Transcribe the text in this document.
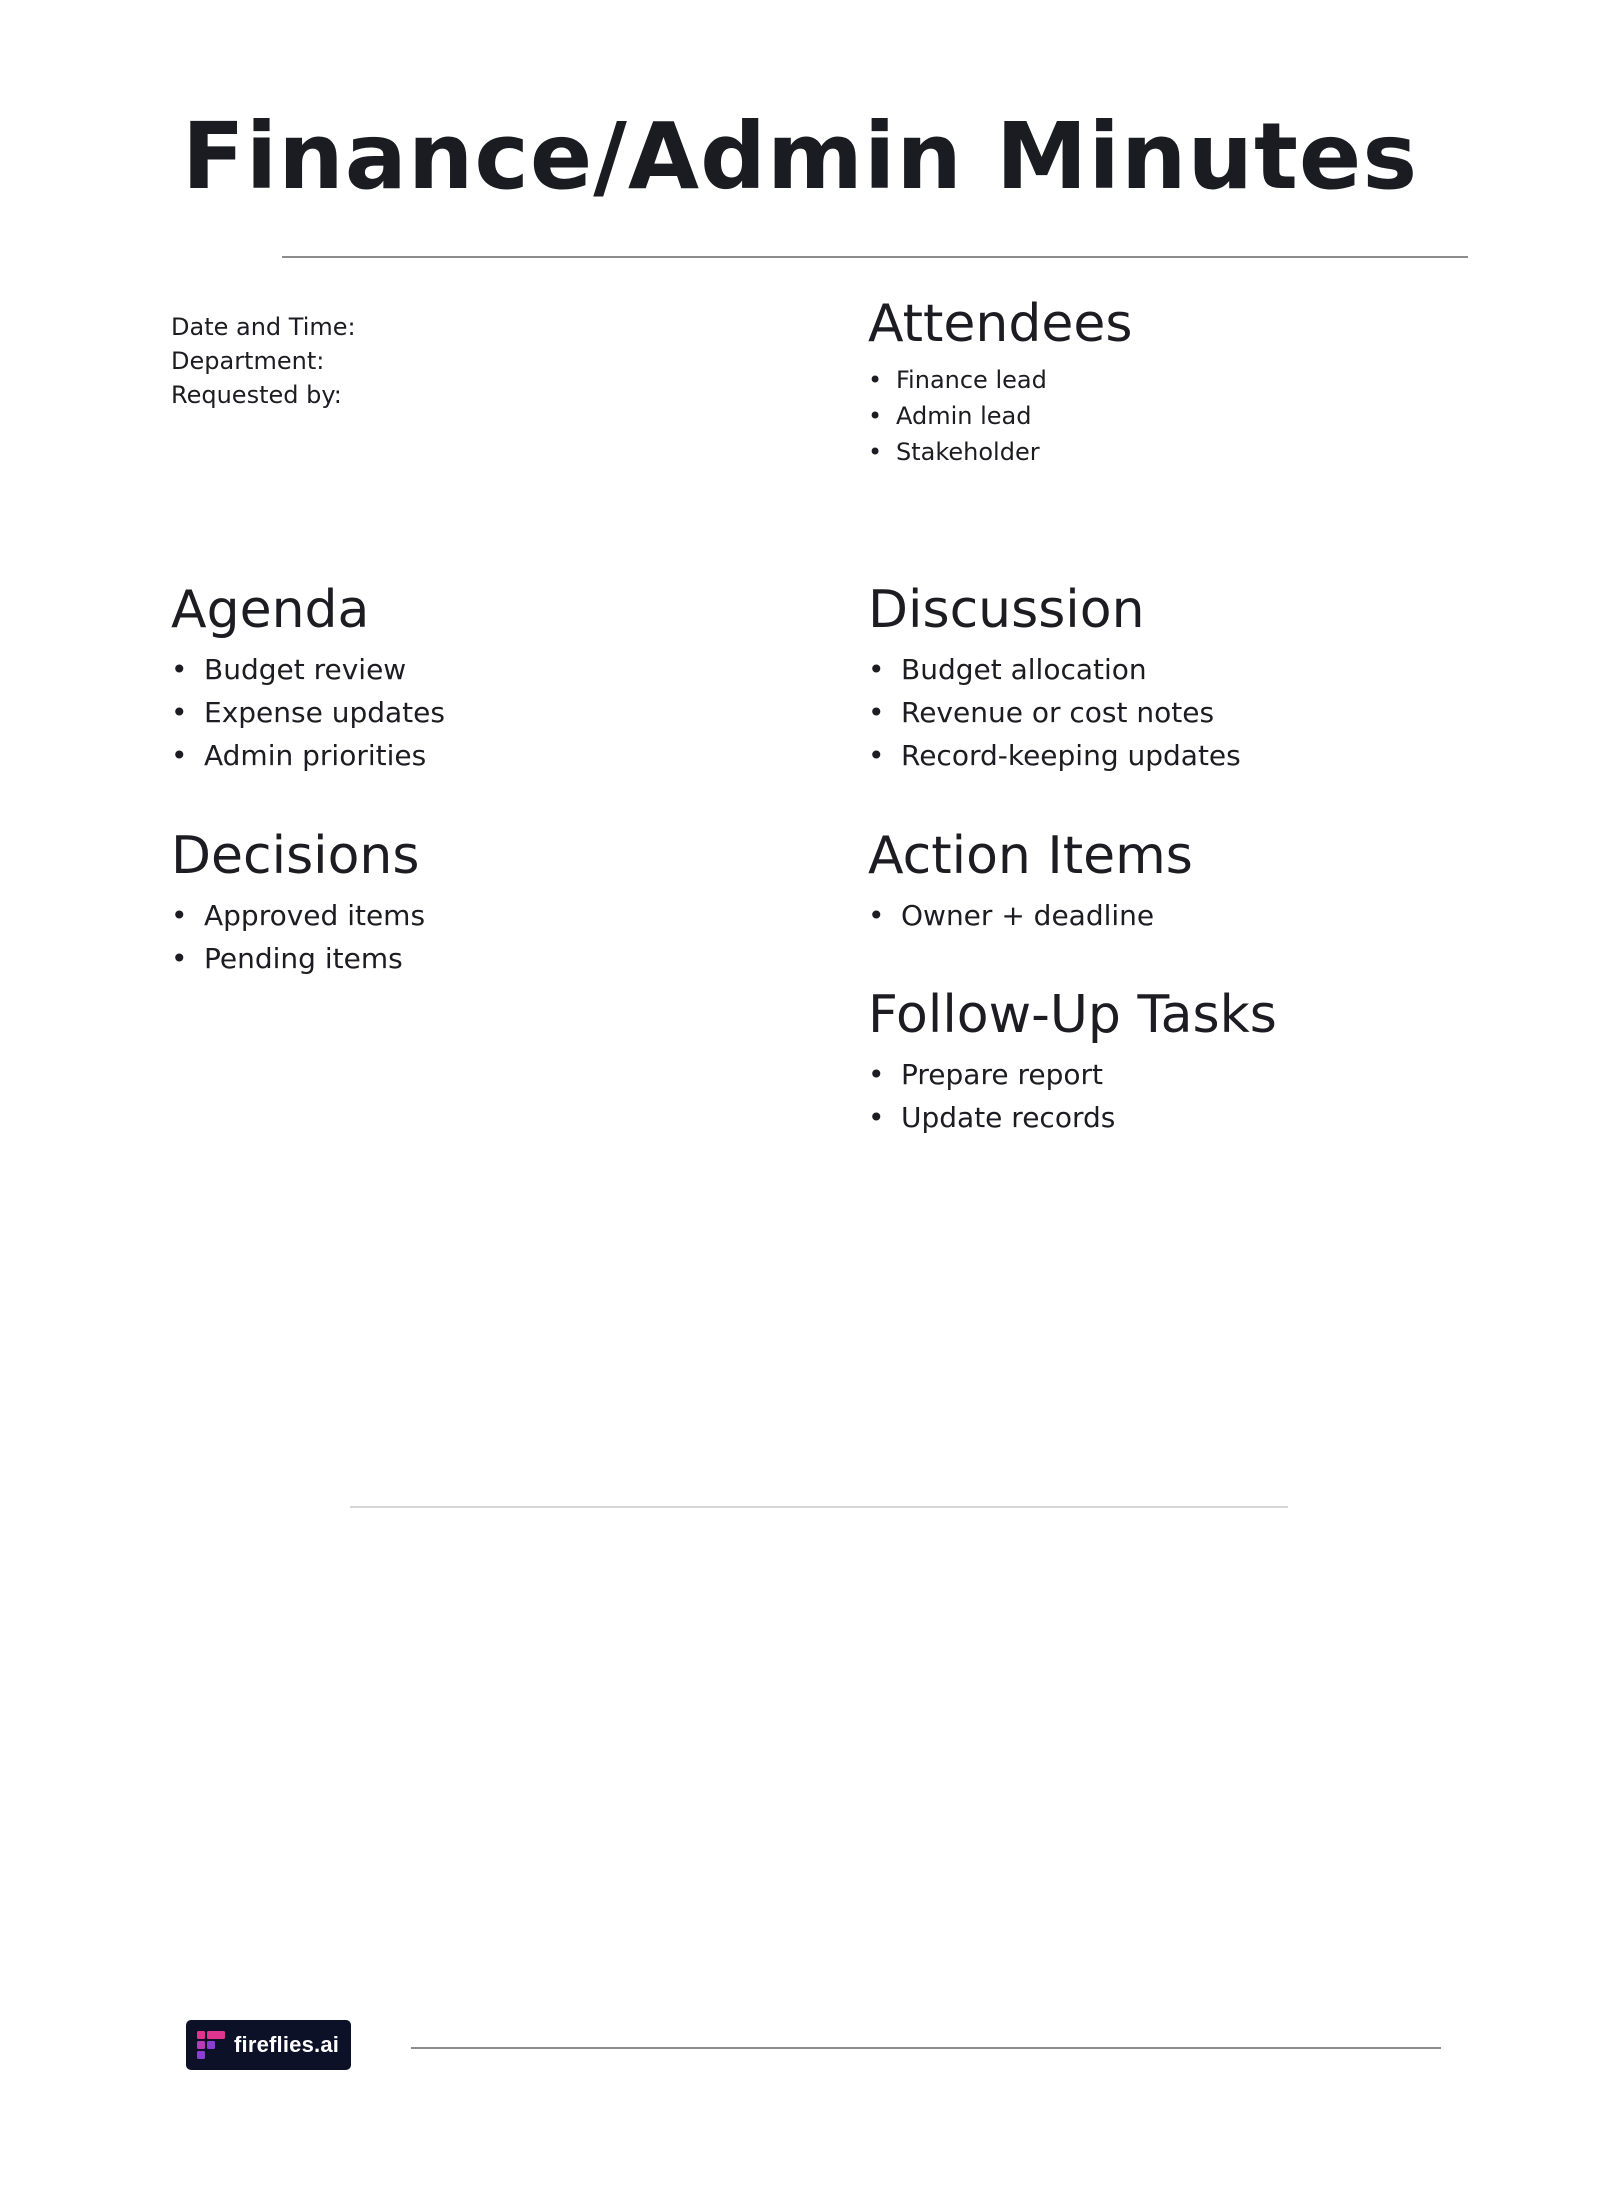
Finance/Admin Minutes
Date and Time:
Department:
Requested by:
Attendees
• Finance lead
• Admin lead
• Stakeholder
Agenda
• Budget review
• Expense updates
• Admin priorities
Discussion
• Budget allocation
• Revenue or cost notes
• Record-keeping updates
Decisions
• Approved items
• Pending items
Action Items
• Owner + deadline
Follow-Up Tasks
• Prepare report
• Update records
fireflies.ai
